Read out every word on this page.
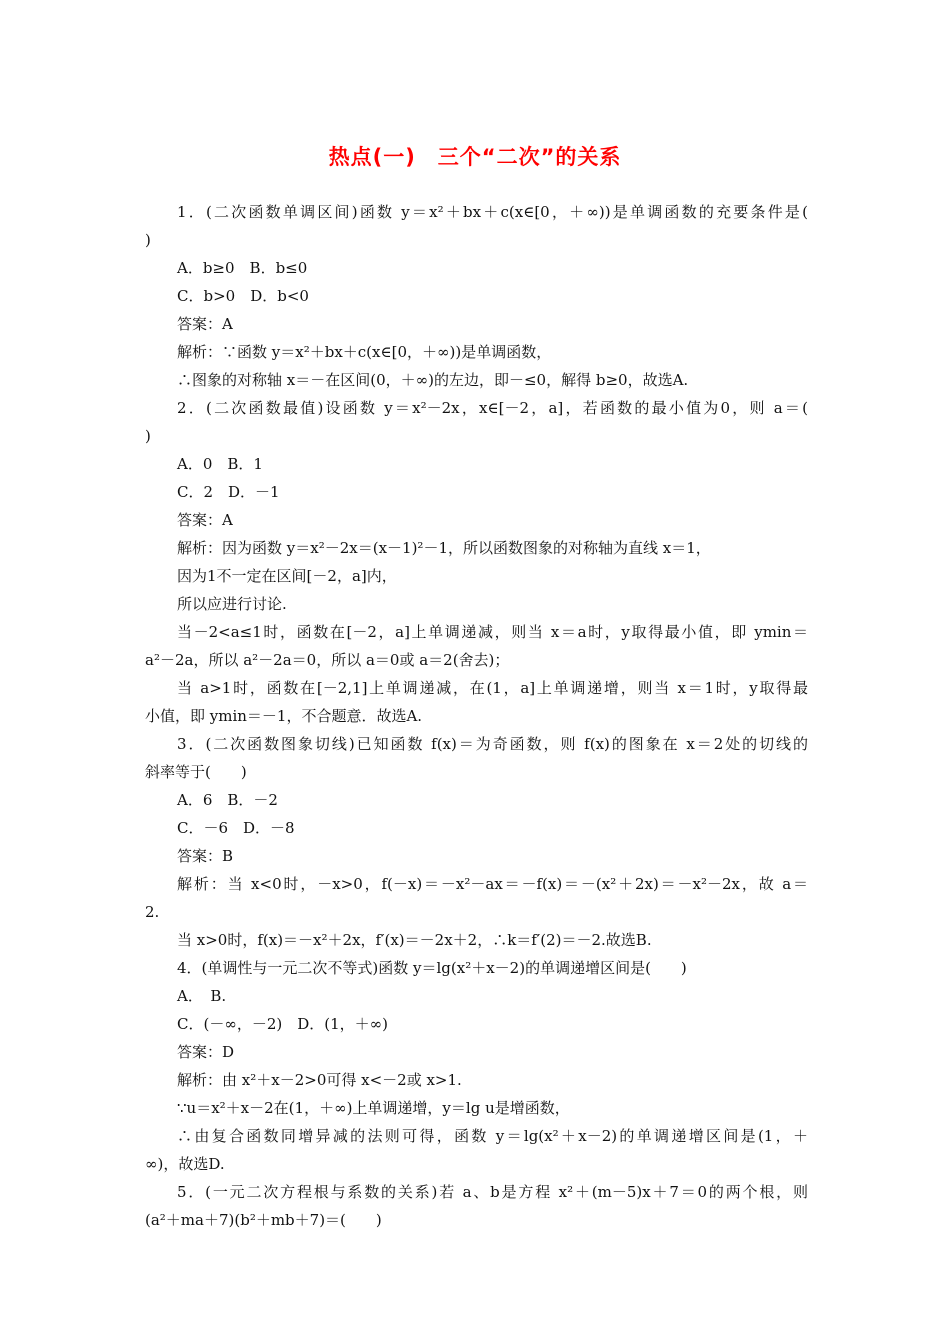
热点(一)　三个“二次”的关系
1．(二次函数单调区间)函数 y＝x²＋bx＋c(x∈[0，＋∞))是单调函数的充要条件是(
)
A．b≥0　B．b≤0
C．b>0　D．b<0
答案：A
解析：∵函数 y＝x²＋bx＋c(x∈[0，＋∞))是单调函数，
∴图象的对称轴 x＝－在区间(0，＋∞)的左边，即－≤0，解得 b≥0，故选A.
2．(二次函数最值)设函数 y＝x²－2x，x∈[－2，a]，若函数的最小值为0，则 a＝(
)
A．0　B．1
C．2　D．－1
答案：A
解析：因为函数 y＝x²－2x＝(x－1)²－1，所以函数图象的对称轴为直线 x＝1，
因为1不一定在区间[－2，a]内，
所以应进行讨论.
当－2<a≤1时，函数在[－2，a]上单调递减，则当 x＝a时，y取得最小值，即 ymin＝
a²－2a，所以 a²－2a＝0，所以 a＝0或 a＝2(舍去)；
当 a>1时，函数在[－2,1]上单调递减，在(1，a]上单调递增，则当 x＝1时，y取得最
小值，即 ymin＝－1，不合题意．故选A.
3．(二次函数图象切线)已知函数 f(x)＝为奇函数，则 f(x)的图象在 x＝2处的切线的
斜率等于(　　)
A．6　B．－2
C．－6　D．－8
答案：B
解析：当 x<0时，－x>0，f(－x)＝－x²－ax＝－f(x)＝－(x²＋2x)＝－x²－2x，故 a＝
2.
当 x>0时，f(x)＝－x²＋2x，f′(x)＝－2x＋2，∴k＝f′(2)＝－2.故选B.
4．(单调性与一元二次不等式)函数 y＝lg(x²＋x－2)的单调递增区间是(　　)
A．　B.
C．(－∞，－2)　D．(1，＋∞)
答案：D
解析：由 x²＋x－2>0可得 x<－2或 x>1.
∵u＝x²＋x－2在(1，＋∞)上单调递增，y＝lg u是增函数，
∴由复合函数同增异减的法则可得，函数 y＝lg(x²＋x－2)的单调递增区间是(1，＋
∞)，故选D.
5．(一元二次方程根与系数的关系)若 a、b是方程 x²＋(m－5)x＋7＝0的两个根，则
(a²＋ma＋7)(b²＋mb＋7)＝(　　)
